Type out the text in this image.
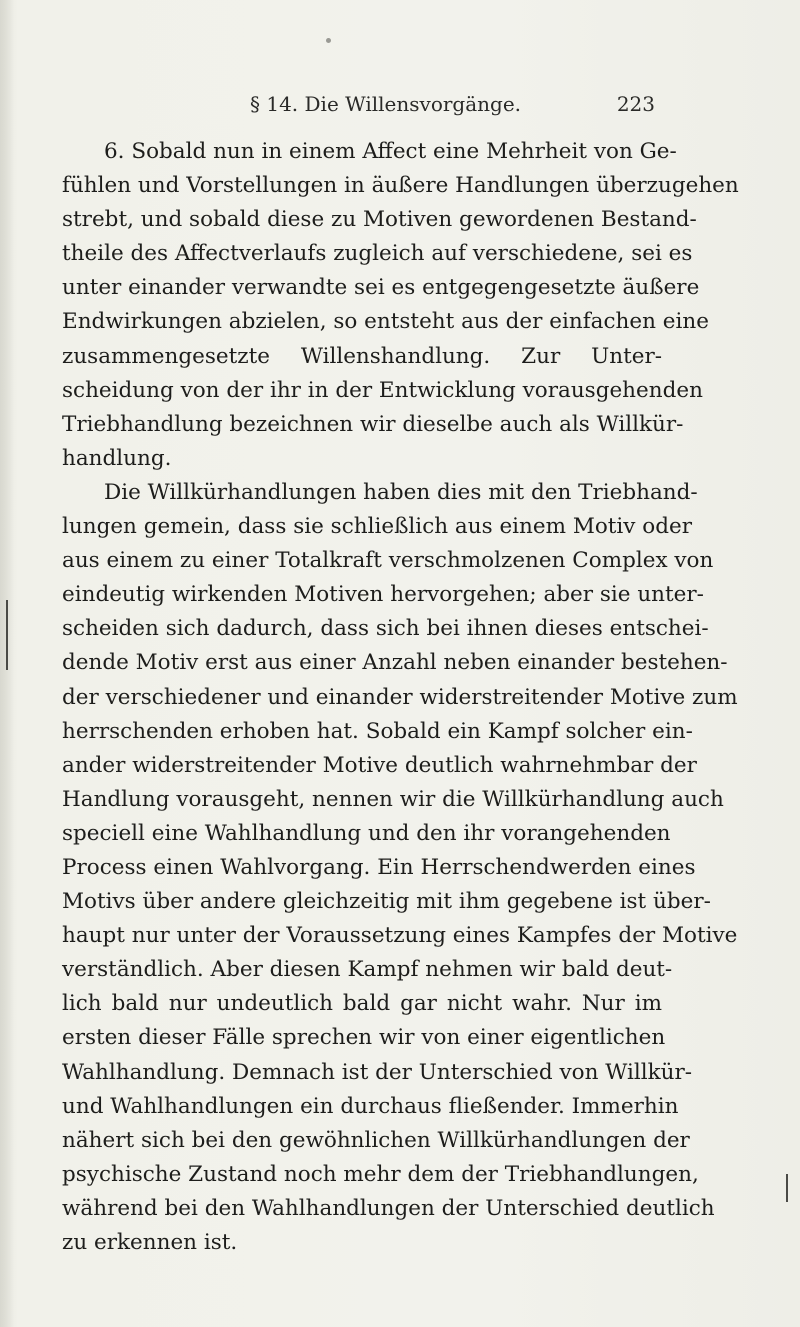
§ 14. Die Willensvorgänge.	223
6. Sobald nun in einem Affect eine Mehrheit von Ge-
fühlen und Vorstellungen in äußere Handlungen überzugehen
strebt, und sobald diese zu Motiven gewordenen Bestand-
theile des Affectverlaufs zugleich auf verschiedene, sei es
unter einander verwandte sei es entgegengesetzte äußere
Endwirkungen abzielen, so entsteht aus der einfachen eine
zusammengesetzte Willenshandlung. Zur Unter-
scheidung von der ihr in der Entwicklung vorausgehenden
Triebhandlung bezeichnen wir dieselbe auch als Willkür-
handlung.
Die Willkürhandlungen haben dies mit den Triebhand-
lungen gemein, dass sie schließlich aus einem Motiv oder
aus einem zu einer Totalkraft verschmolzenen Complex von
eindeutig wirkenden Motiven hervorgehen; aber sie unter-
scheiden sich dadurch, dass sich bei ihnen dieses entschei-
dende Motiv erst aus einer Anzahl neben einander bestehen-
der verschiedener und einander widerstreitender Motive zum
herrschenden erhoben hat. Sobald ein Kampf solcher ein-
ander widerstreitender Motive deutlich wahrnehmbar der
Handlung vorausgeht, nennen wir die Willkürhandlung auch
speciell eine Wahlhandlung und den ihr vorangehenden
Process einen Wahlvorgang. Ein Herrschendwerden eines
Motivs über andere gleichzeitig mit ihm gegebene ist über-
haupt nur unter der Voraussetzung eines Kampfes der Motive
verständlich. Aber diesen Kampf nehmen wir bald deut-
lich bald nur undeutlich bald gar nicht wahr. Nur im
ersten dieser Fälle sprechen wir von einer eigentlichen
Wahlhandlung. Demnach ist der Unterschied von Willkür-
und Wahlhandlungen ein durchaus fließender. Immerhin
nähert sich bei den gewöhnlichen Willkürhandlungen der
psychische Zustand noch mehr dem der Triebhandlungen,
während bei den Wahlhandlungen der Unterschied deutlich
zu erkennen ist.
